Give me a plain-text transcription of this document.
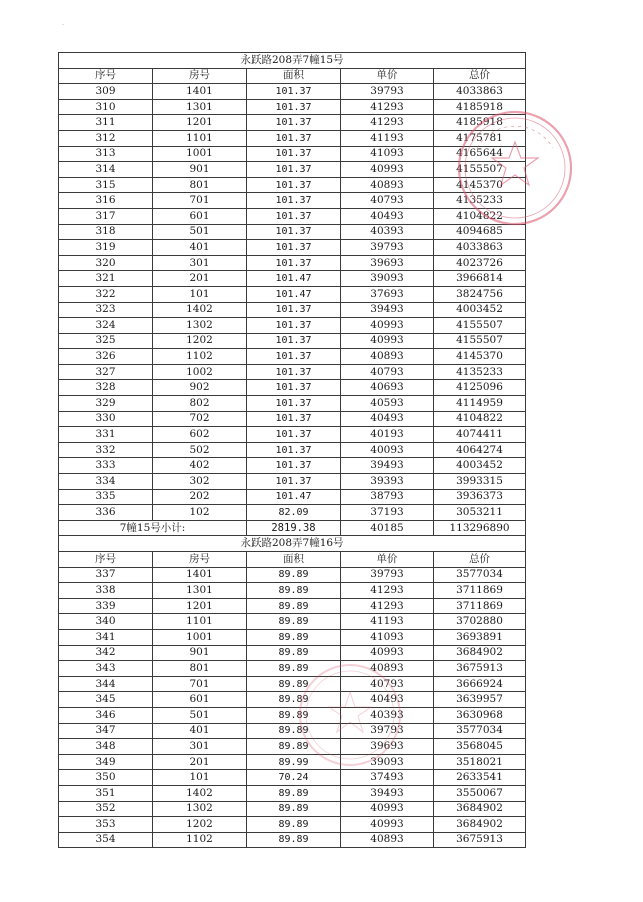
·
永跃路208弄7幢15号				
序号	房号	面积	单价	总价
309	1401	101.37	39793	4033863
310	1301	101.37	41293	4185918
311	1201	101.37	41293	4185918
312	1101	101.37	41193	4175781
313	1001	101.37	41093	4165644
314	901	101.37	40993	4155507
315	801	101.37	40893	4145370
316	701	101.37	40793	4135233
317	601	101.37	40493	4104822
318	501	101.37	40393	4094685
319	401	101.37	39793	4033863
320	301	101.37	39693	4023726
321	201	101.47	39093	3966814
322	101	101.47	37693	3824756
323	1402	101.37	39493	4003452
324	1302	101.37	40993	4155507
325	1202	101.37	40993	4155507
326	1102	101.37	40893	4145370
327	1002	101.37	40793	4135233
328	902	101.37	40693	4125096
329	802	101.37	40593	4114959
330	702	101.37	40493	4104822
331	602	101.37	40193	4074411
332	502	101.37	40093	4064274
333	402	101.37	39493	4003452
334	302	101.37	39393	3993315
335	202	101.47	38793	3936373
336	102	82.09	37193	3053211
7幢15号小计:		2819.38	40185	113296890
永跃路208弄7幢16号				
序号	房号	面积	单价	总价
337	1401	89.89	39793	3577034
338	1301	89.89	41293	3711869
339	1201	89.89	41293	3711869
340	1101	89.89	41193	3702880
341	1001	89.89	41093	3693891
342	901	89.89	40993	3684902
343	801	89.89	40893	3675913
344	701	89.89	40793	3666924
345	601	89.89	40493	3639957
346	501	89.89	40393	3630968
347	401	89.89	39793	3577034
348	301	89.89	39693	3568045
349	201	89.99	39093	3518021
350	101	70.24	37493	2633541
351	1402	89.89	39493	3550067
352	1302	89.89	40993	3684902
353	1202	89.89	40993	3684902
354	1102	89.89	40893	3675913
